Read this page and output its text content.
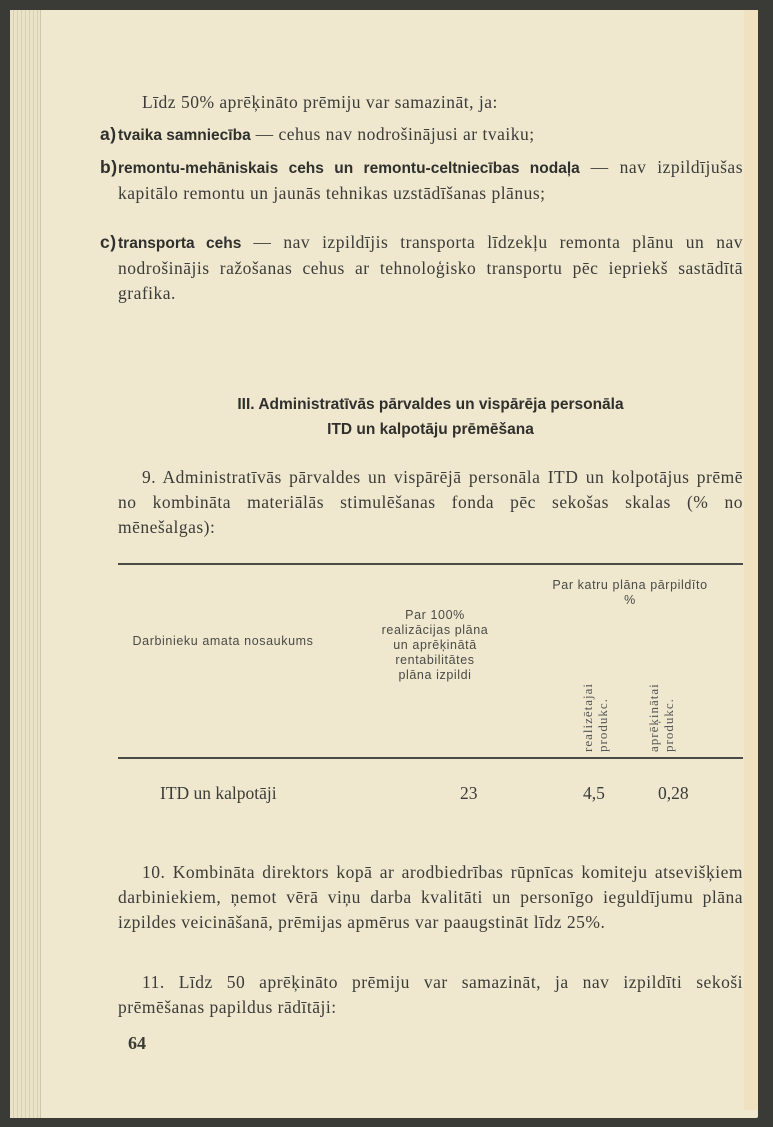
Līdz 50% aprēķināto prēmiju var samazināt, ja:
a) tvaika samniecība — cehus nav nodrošinājusi ar tvaiku;
b) remontu-mehāniskais cehs un remontu-celtniecības nodaļa — nav izpildījušas kapitālo remontu un jaunās tehnikas uzstādīšanas plānus;
c) transporta cehs — nav izpildījis transporta līdzekļu remonta plānu un nav nodrošinājis ražošanas cehus ar tehnoloģisko transportu pēc iepriekš sastādītā grafika.
III. Administratīvās pārvaldes un vispārēja personāla
ITD un kalpotāju prēmēšana
9. Administratīvās pārvaldes un vispārējā personāla ITD un kolpotājus prēmē no kombināta materiālās stimulēšanas fonda pēc sekošas skalas (% no mēnešalgas):
Darbinieku amata nosaukums
Par 100% realizācijas plāna un aprēķinātā rentabilitātes plāna izpildi
Par katru plāna pārpildīto %
realizētajai produkc.	aprēķinātai produkc.
ITD un kalpotāji	23	4,5	0,28
10. Kombināta direktors kopā ar arodbiedrības rūpnīcas komiteju atsevišķiem darbiniekiem, ņemot vērā viņu darba kvalitāti un personīgo ieguldījumu plāna izpildes veicināšanā, prēmijas apmērus var paaugstināt līdz 25%.
11. Līdz 50 aprēķināto prēmiju var samazināt, ja nav izpildīti sekoši prēmēšanas papildus rādītāji:
64
